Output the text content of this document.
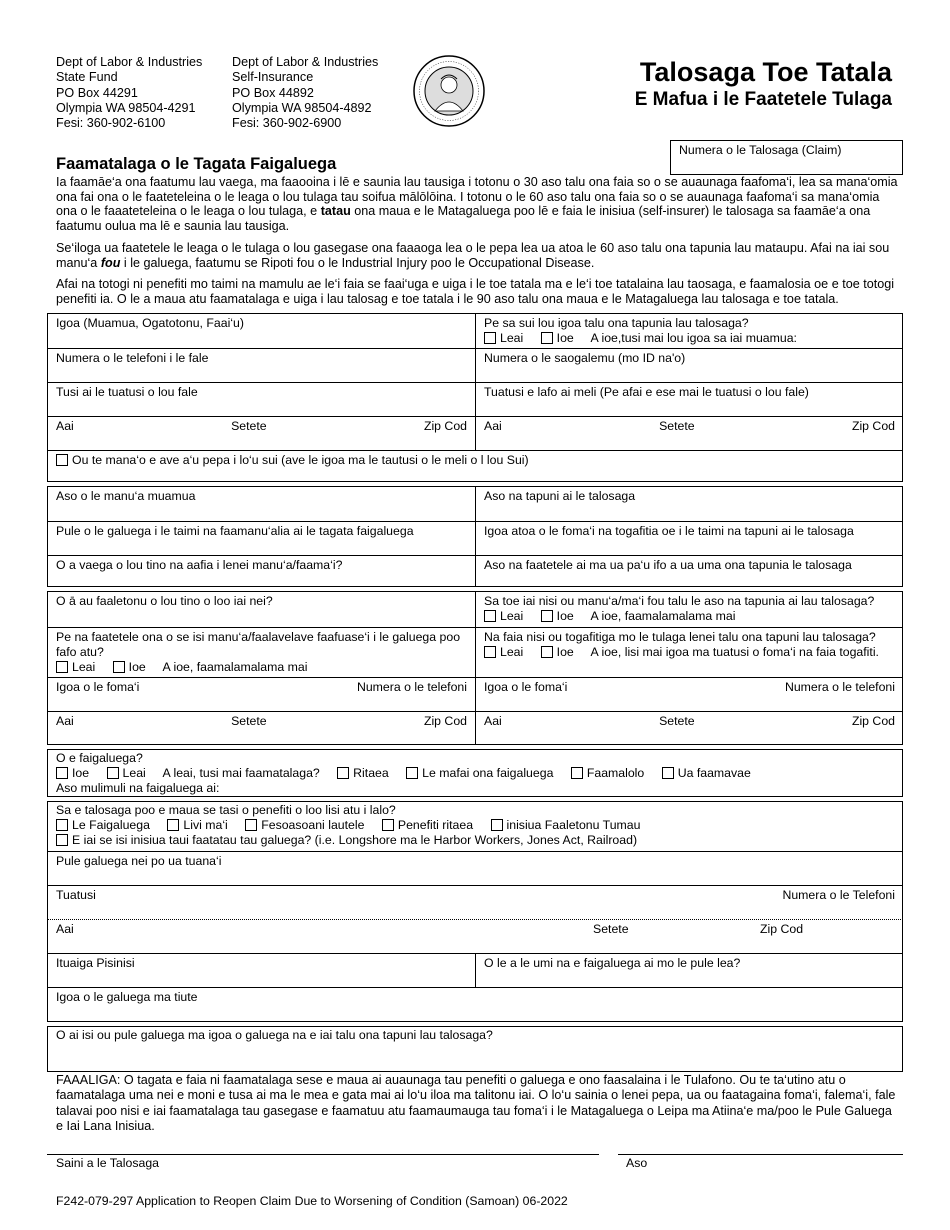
Dept of Labor & Industries
State Fund
PO Box 44291
Olympia WA 98504-4291
Fesi: 360-902-6100
Dept of Labor & Industries
Self-Insurance
PO Box 44892
Olympia WA 98504-4892
Fesi: 360-902-6900
Talosaga Toe Tatala
E Mafua i le Faatetele Tulaga
Numera o le Talosaga (Claim)
Faamatalaga o le Tagata Faigaluega
Ia faamāe‘a ona faatumu lau vaega, ma faaooina i lē e saunia lau tausiga i totonu o 30 aso talu ona faia so o se auaunaga faafoma‘i, lea sa mana‘omia ona fai ona o le faateteleina o le leaga o lou tulaga tau soifua mālōlōina. I totonu o le 60 aso talu ona faia so o se auaunaga faafoma‘i sa mana‘omia ona o le faaateteleina o le leaga o lou tulaga, e tatau ona maua e le Matagaluega poo lē e faia le inisiua (self-insurer) le talosaga sa faamāe‘a ona faatumu oulua ma lē e saunia lau tausiga.
Se‘iloga ua faatetele le leaga o le tulaga o lou gasegase ona faaaoga lea o le pepa lea ua atoa le 60 aso talu ona tapunia lau mataupu. Afai na iai sou manu‘a fou i le galuega, faatumu se Ripoti fou o le Industrial Injury poo le Occupational Disease.
Afai na totogi ni penefiti mo taimi na mamulu ae le‘i faia se faai‘uga e uiga i le toe tatala ma e le‘i toe tatalaina lau taosaga, e faamalosia oe e toe totogi penefiti ia. O le a maua atu faamatalaga e uiga i lau talosag e toe tatala i le 90 aso talu ona maua e le Matagaluega lau talosaga e toe tatala.
Igoa (Muamua, Ogatotonu, Faai‘u)	Pe sa sui lou igoa talu ona tapunia lau talosaga?
Leai	Ioe A ioe,tusi mai lou igoa sa iai muamua:
Numera o le telefoni i le fale	Numera o le saogalemu (mo ID na'o)
Tusi ai le tuatusi o lou fale	Tuatusi e lafo ai meli (Pe afai e ese mai le tuatusi o lou fale)
Aai	Setete	Zip Cod Aai	Setete	Zip Cod
Ou te mana‘o e ave a‘u pepa i lo‘u sui (ave le igoa ma le tautusi o le meli o l lou Sui)
Aso o le manu‘a muamua	Aso na tapuni ai le talosaga
Pule o le galuega i le taimi na faamanu‘alia ai le tagata faigaluega	Igoa atoa o le foma‘i na togafitia oe i le taimi na tapuni ai le talosaga
O a vaega o lou tino na aafia i lenei manu‘a/faama‘i?	Aso na faatetele ai ma ua pa‘u ifo a ua uma ona tapunia le talosaga
O ā au faaletonu o lou tino o loo iai nei?	Sa toe iai nisi ou manu‘a/ma‘i fou talu le aso na tapunia ai lau talosaga?
Leai	Ioe A ioe, faamalamalama mai
Pe na faatetele ona o se isi manu‘a/faalavelave faafuase‘i i le galuega poo fafo atu?
Leai	Ioe A ioe, faamalamalama mai
Na faia nisi ou togafitiga mo le tulaga lenei talu ona tapuni lau talosaga?
Leai	Ioe A ioe, lisi mai igoa ma tuatusi o foma‘i na faia togafiti.
Igoa o le foma‘i	Numera o le telefoni Igoa o le foma‘i	Numera o le telefoni
Aai	Setete	Zip Cod Aai	Setete	Zip Cod
O e faigaluega?
Ioe	Leai A leai, tusi mai faamatalaga?	Ritaea	Le mafai ona faigaluega	Faamalolo	Ua faamavae
Aso mulimuli na faigaluega ai:
Sa e talosaga poo e maua se tasi o penefiti o loo lisi atu i lalo?
Le Faigaluega	Livi ma‘i	Fesoasoani lautele	Penefiti ritaea	inisiua Faaletonu Tumau
E iai se isi inisiua taui faatatau tau galuega? (i.e. Longshore ma le Harbor Workers, Jones Act, Railroad)
Pule galuega nei po ua tuana‘i
Tuatusi	Numera o le Telefoni
Aai	Setete	Zip Cod
Ituaiga Pisinisi	O le a le umi na e faigaluega ai mo le pule lea?
Igoa o le galuega ma tiute
O ai isi ou pule galuega ma igoa o galuega na e iai talu ona tapuni lau talosaga?
FAAALIGA: O tagata e faia ni faamatalaga sese e maua ai auaunaga tau penefiti o galuega e ono faasalaina i le Tulafono. Ou te ta‘utino atu o faamatalaga uma nei e moni e tusa ai ma le mea e gata mai ai lo‘u iloa ma talitonu iai. O lo‘u sainia o lenei pepa, ua ou faatagaina foma‘i, falema‘i, fale talavai poo nisi e iai faamatalaga tau gasegase e faamatuu atu faamaumauga tau foma‘i i le Matagaluega o Leipa ma Atiina‘e ma/poo le Pule Galuega e Iai Lana Inisiua.
Saini a le Talosaga	Aso
F242-079-297 Application to Reopen Claim Due to Worsening of Condition (Samoan) 06-2022
